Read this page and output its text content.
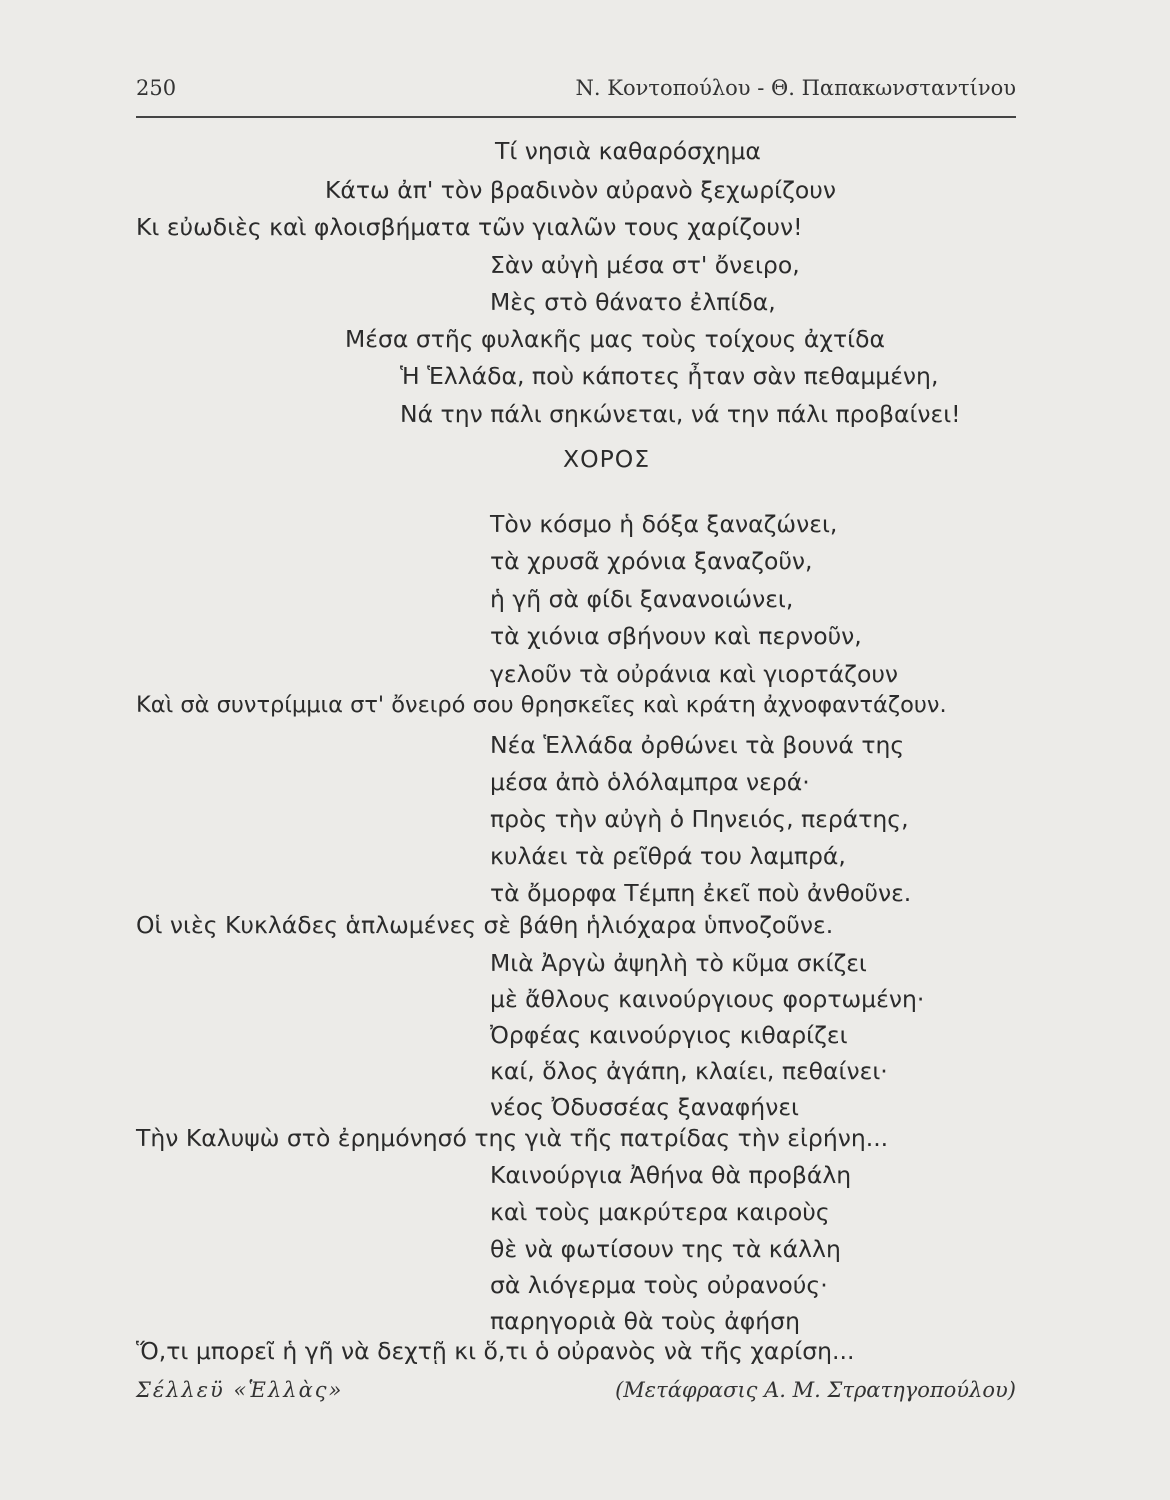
250	Ν. Κοντοπούλου - Θ. Παπακωνσταντίνου
Τί νησιὰ καθαρόσχημα
Κάτω ἀπ' τὸν βραδινὸν αὐρανὸ ξεχωρίζουν
Κι εὐωδιὲς καὶ φλοισβήματα τῶν γιαλῶν τους χαρίζουν!
Σὰν αὐγὴ μέσα στ' ὄνειρο,
Μὲς στὸ θάνατο ἐλπίδα,
Μέσα στῆς φυλακῆς μας τοὺς τοίχους ἀχτίδα
Ἡ Ἑλλάδα, ποὺ κάποτες ἦταν σὰν πεθαμμένη,
Νά την πάλι σηκώνεται, νά την πάλι προβαίνει!
ΧΟΡΟΣ
Τὸν κόσμο ἡ δόξα ξαναζώνει,
τὰ χρυσᾶ χρόνια ξαναζοῦν,
ἡ γῆ σὰ φίδι ξανανοιώνει,
τὰ χιόνια σβήνουν καὶ περνοῦν,
γελοῦν τὰ οὐράνια καὶ γιορτάζουν
Καὶ σὰ συντρίμμια στ' ὄνειρό σου θρησκεῖες καὶ κράτη ἀχνοφαντάζουν.
Νέα Ἑλλάδα ὀρθώνει τὰ βουνά της
μέσα ἀπὸ ὁλόλαμπρα νερά·
πρὸς τὴν αὐγὴ ὁ Πηνειός, περάτης,
κυλάει τὰ ρεῖθρά του λαμπρά,
τὰ ὄμορφα Τέμπη ἐκεῖ ποὺ ἀνθοῦνε.
Οἱ νιὲς Κυκλάδες ἁπλωμένες σὲ βάθη ἡλιόχαρα ὑπνοζοῦνε.
Μιὰ Ἀργὼ ἀψηλὴ τὸ κῦμα σκίζει
μὲ ἄθλους καινούργιους φορτωμένη·
Ὀρφέας καινούργιος κιθαρίζει
καί, ὅλος ἀγάπη, κλαίει, πεθαίνει·
νέος Ὀδυσσέας ξαναφήνει
Τὴν Καλυψὼ στὸ ἐρημόνησό της γιὰ τῆς πατρίδας τὴν εἰρήνη...
Καινούργια Ἀθήνα θὰ προβάλη
καὶ τοὺς μακρύτερα καιροὺς
θὲ νὰ φωτίσουν της τὰ κάλλη
σὰ λιόγερμα τοὺς οὐρανούς·
παρηγοριὰ θὰ τοὺς ἀφήση
Ὅ,τι μπορεῖ ἡ γῆ νὰ δεχτῇ κι ὅ,τι ὁ οὐρανὸς νὰ τῆς χαρίση...
Σέλλεϋ «Ἑλλὰς»	(Μετάφρασις Α. Μ. Στρατηγοπούλου)
